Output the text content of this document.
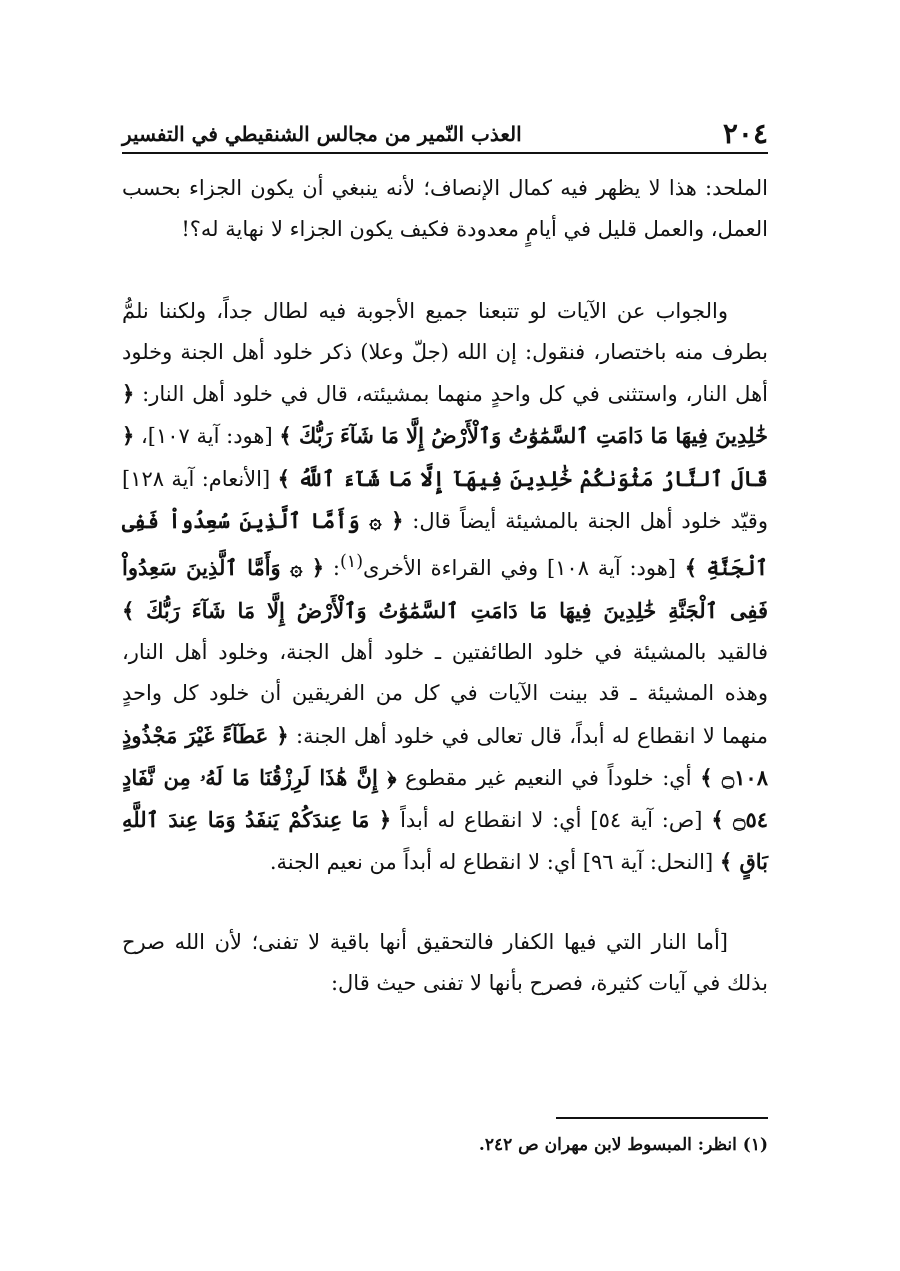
٢٠٤
العذب النّمير من مجالس الشنقيطي في التفسير

الملحد: هذا لا يظهر فيه كمال الإنصاف؛ لأنه ينبغي أن يكون الجزاء بحسب العمل، والعمل قليل في أيامٍ معدودة فكيف يكون الجزاء لا نهاية له؟!

والجواب عن الآيات لو تتبعنا جميع الأجوبة فيه لطال جداً، ولكننا نلمُّ بطرف منه باختصار، فنقول: إن الله (جلّ وعلا) ذكر خلود أهل الجنة وخلود أهل النار، واستثنى في كل واحدٍ منهما بمشيئته، قال في خلود أهل النار: ﴿ خَٰلِدِينَ فِيهَا مَا دَامَتِ ٱلسَّمَٰوَٰتُ وَٱلْأَرْضُ إِلَّا مَا شَآءَ رَبُّكَ ﴾ [هود: آية ١٠٧]، ﴿ قَالَ ٱلنَّارُ مَثْوَىٰكُمْ خَٰلِدِينَ فِيهَآ إِلَّا مَا شَآءَ ٱللَّهُ ﴾ [الأنعام: آية ١٢٨] وقيّد خلود أهل الجنة بالمشيئة أيضاً قال: ﴿ ۞ وَأَمَّا ٱلَّذِينَ سُعِدُواْ فَفِى ٱلْجَنَّةِ ﴾ [هود: آية ١٠٨] وفي القراءة الأخرى$^{(١)}$: ﴿ ۞ وَأَمَّا ٱلَّذِينَ سَعِدُواْ فَفِى ٱلْجَنَّةِ خَٰلِدِينَ فِيهَا مَا دَامَتِ ٱلسَّمَٰوَٰتُ وَٱلْأَرْضُ إِلَّا مَا شَآءَ رَبُّكَ ﴾ فالقيد بالمشيئة في خلود الطائفتين ـ خلود أهل الجنة، وخلود أهل النار، وهذه المشيئة ـ قد بينت الآيات في كل من الفريقين أن خلود كل واحدٍ منهما لا انقطاع له أبداً، قال تعالى في خلود أهل الجنة: ﴿ عَطَآءً غَيْرَ مَجْذُوذٍ ۝١٠٨ ﴾ أي: خلوداً في النعيم غير مقطوع ﴿ إِنَّ هَٰذَا لَرِزْقُنَا مَا لَهُۥ مِن نَّفَادٍ ۝٥٤ ﴾ [ص: آية ٥٤] أي: لا انقطاع له أبداً ﴿ مَا عِندَكُمْ يَنفَدُ وَمَا عِندَ ٱللَّهِ بَاقٍ ﴾ [النحل: آية ٩٦] أي: لا انقطاع له أبداً من نعيم الجنة.

[أما النار التي فيها الكفار فالتحقيق أنها باقية لا تفنى؛ لأن الله صرح بذلك في آيات كثيرة، فصرح بأنها لا تفنى حيث قال:

(١) انظر: المبسوط لابن مهران ص ٢٤٢.
